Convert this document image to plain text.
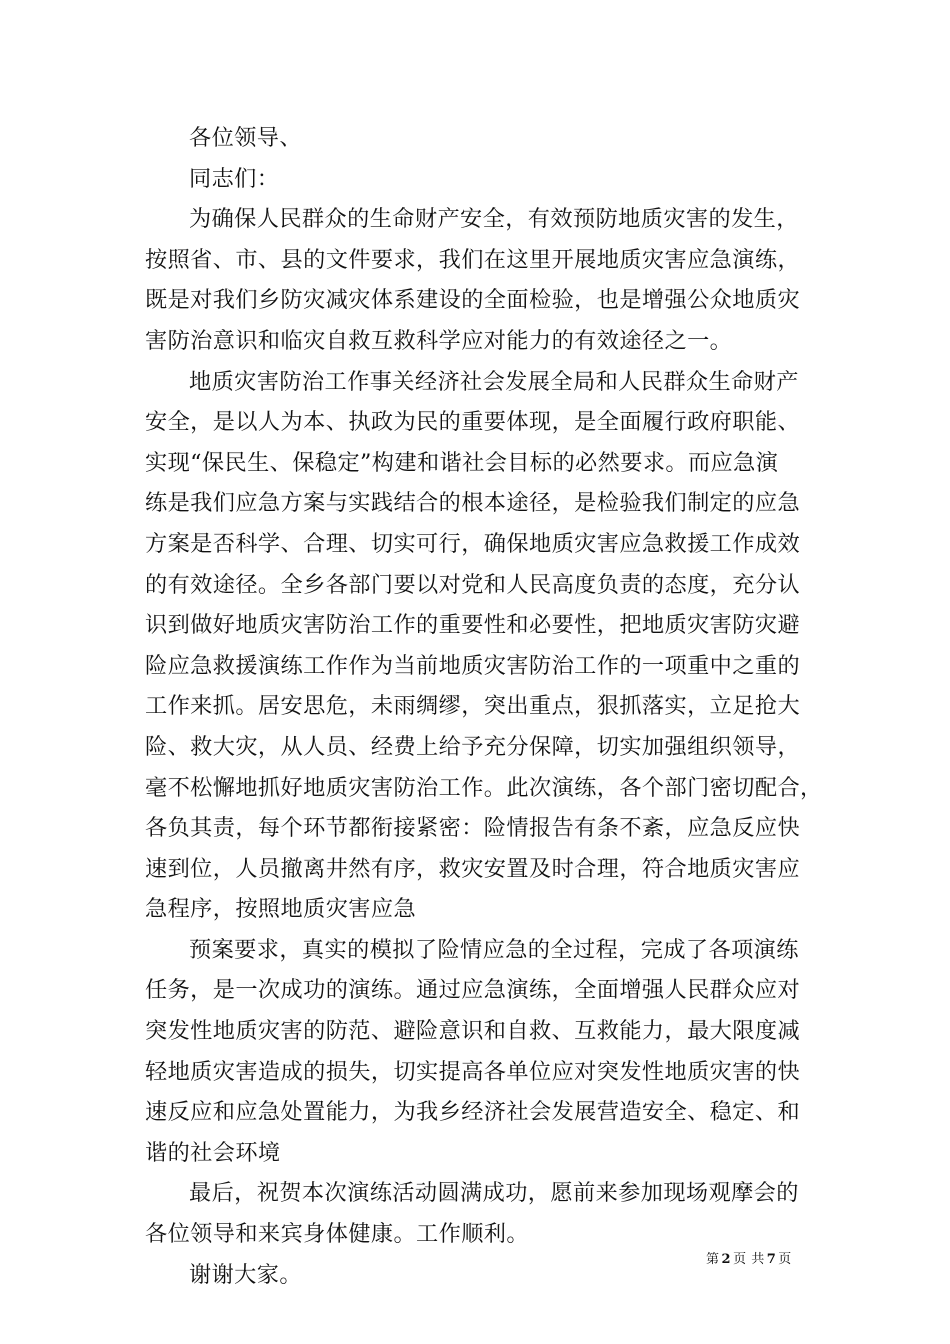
各位领导、
同志们：
为确保人民群众的生命财产安全，有效预防地质灾害的发生，
按照省、市、县的文件要求，我们在这里开展地质灾害应急演练，
既是对我们乡防灾减灾体系建设的全面检验，也是增强公众地质灾
害防治意识和临灾自救互救科学应对能力的有效途径之一。
地质灾害防治工作事关经济社会发展全局和人民群众生命财产
安全，是以人为本、执政为民的重要体现，是全面履行政府职能、
实现“保民生、保稳定”构建和谐社会目标的必然要求。而应急演
练是我们应急方案与实践结合的根本途径，是检验我们制定的应急
方案是否科学、合理、切实可行，确保地质灾害应急救援工作成效
的有效途径。全乡各部门要以对党和人民高度负责的态度，充分认
识到做好地质灾害防治工作的重要性和必要性，把地质灾害防灾避
险应急救援演练工作作为当前地质灾害防治工作的一项重中之重的
工作来抓。居安思危，未雨绸缪，突出重点，狠抓落实，立足抢大
险、救大灾，从人员、经费上给予充分保障，切实加强组织领导，
毫不松懈地抓好地质灾害防治工作。此次演练，各个部门密切配合，
各负其责，每个环节都衔接紧密：险情报告有条不紊，应急反应快
速到位，人员撤离井然有序，救灾安置及时合理，符合地质灾害应
急程序，按照地质灾害应急
预案要求，真实的模拟了险情应急的全过程，完成了各项演练
任务，是一次成功的演练。通过应急演练，全面增强人民群众应对
突发性地质灾害的防范、避险意识和自救、互救能力，最大限度减
轻地质灾害造成的损失，切实提高各单位应对突发性地质灾害的快
速反应和应急处置能力，为我乡经济社会发展营造安全、稳定、和
谐的社会环境
最后，祝贺本次演练活动圆满成功，愿前来参加现场观摩会的
各位领导和来宾身体健康。工作顺利。
谢谢大家。
第 2 页 共 7 页
